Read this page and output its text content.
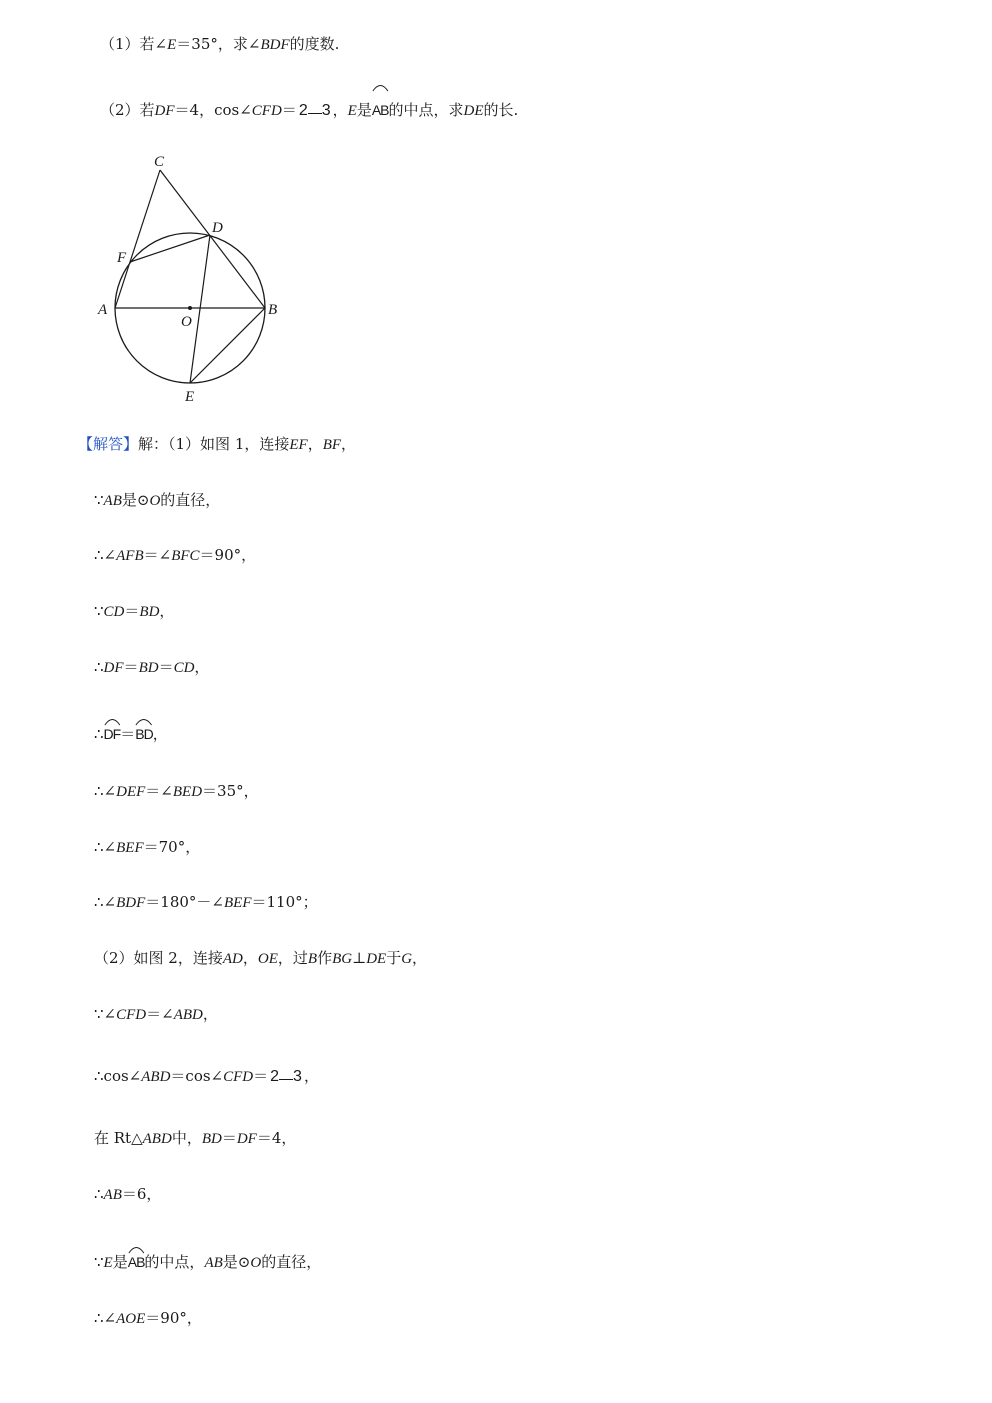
（1）若∠E＝35°，求∠BDF的度数.
（2）若DF＝4，cos∠CFD＝ 2 3 ，E是
AB的中点，求DE的长.
A	B
C
D
E
F
O
【解答】解：（1）如图 1，连接EF，BF，
∵AB是⊙O的直径，
∴∠AFB＝∠BFC＝90°，
∵CD＝BD，
∴DF＝BD＝CD，
∴
DF＝
BD，
∴∠DEF＝∠BED＝35°，
∴∠BEF＝70°，
∴∠BDF＝180°－∠BEF＝110°；
（2）如图 2，连接AD，OE，过B作BG⊥DE于G，
∵∠CFD＝∠ABD，
∴cos∠ABD＝cos∠CFD＝ 2 3 ，
在 Rt△ABD中，BD＝DF＝4，
∴AB＝6，
∵E是
AB的中点，AB是⊙O的直径，
∴∠AOE＝90°，
